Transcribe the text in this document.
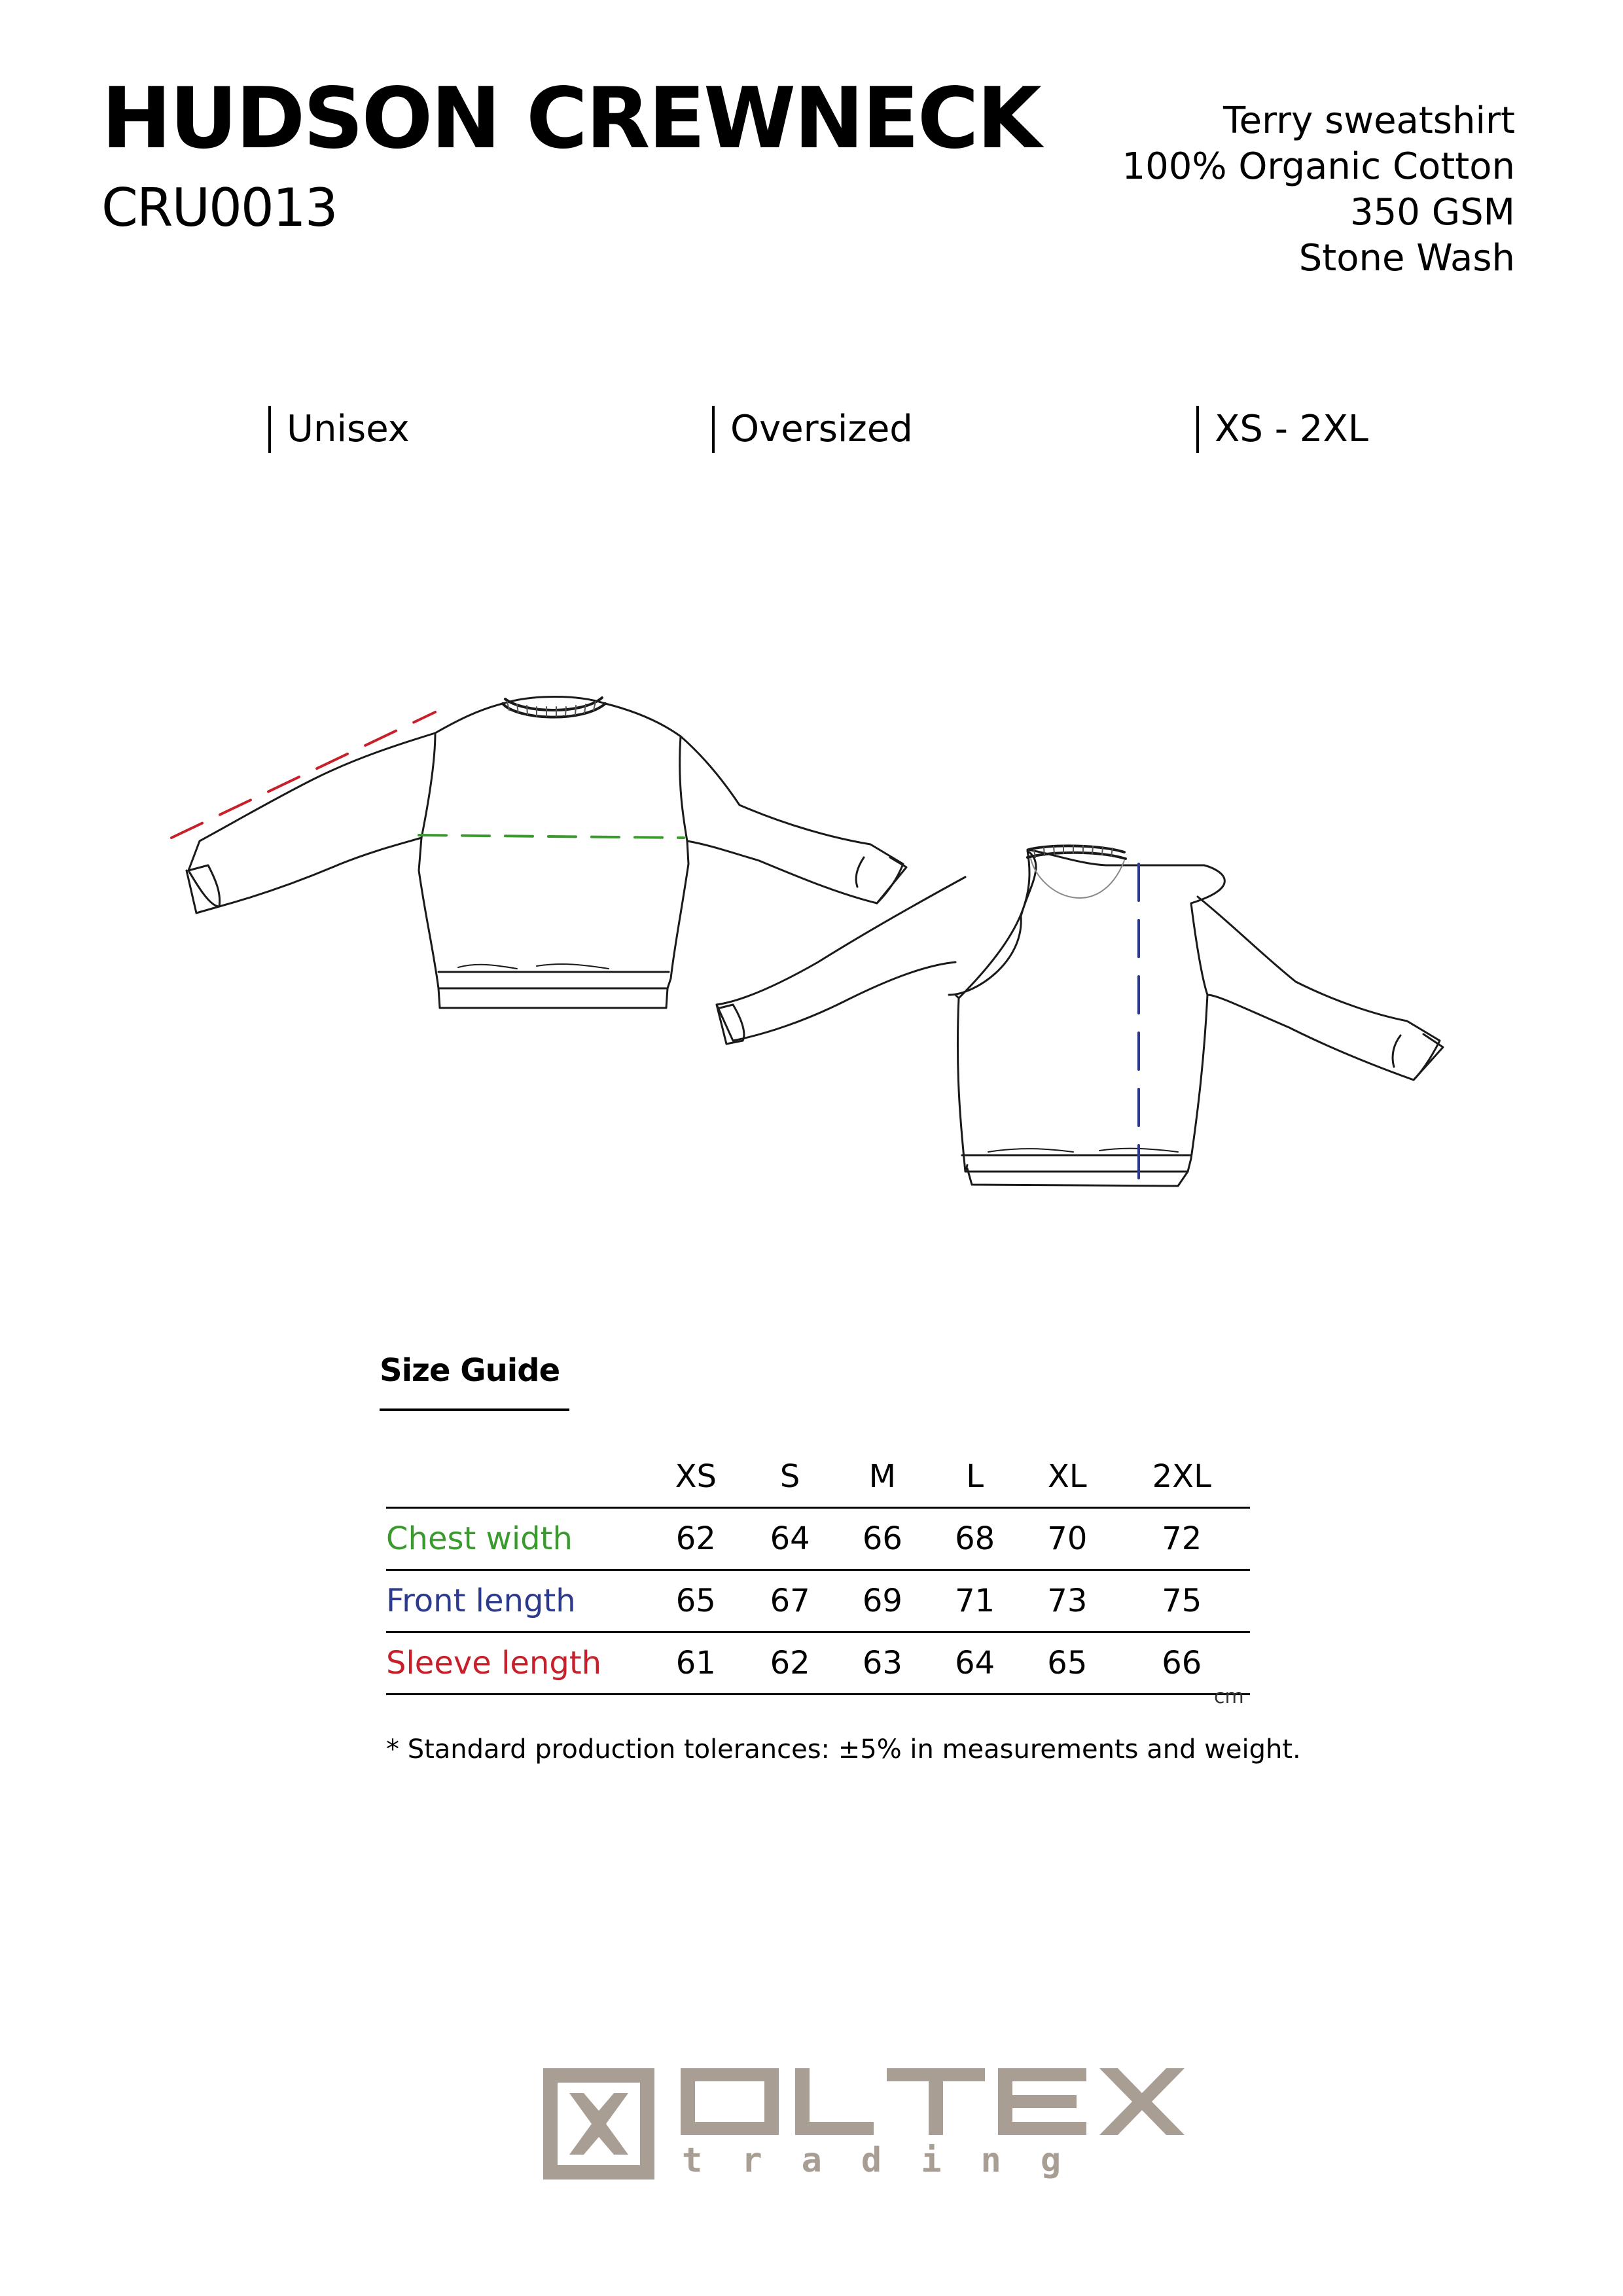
HUDSON CREWNECK
CRU0013
Terry sweatshirt
100% Organic Cotton
350 GSM
Stone Wash
Unisex	Oversized	XS - 2XL
Size Guide
	XS	S	M	L	XL	2XL
Chest width	62	64	66	68	70	72
Front length	65	67	69	71	73	75
Sleeve length	61	62	63	64	65	66
cm
* Standard production tolerances: ±5% in measurements and weight.
trading
